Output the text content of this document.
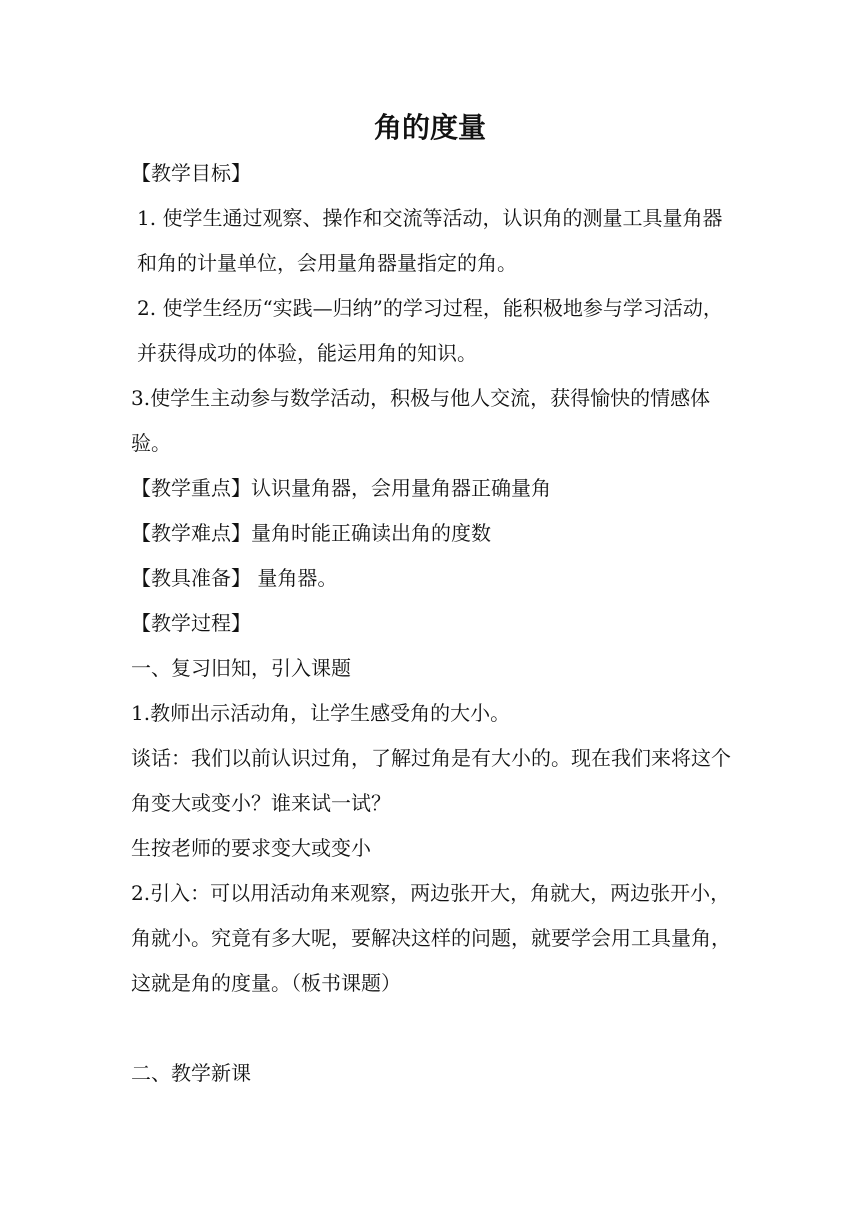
角的度量

【教学目标】

1. 使学生通过观察、操作和交流等活动，认识角的测量工具量角器和角的计量单位，会用量角器量指定的角。

2. 使学生经历“实践—归纳”的学习过程，能积极地参与学习活动，并获得成功的体验，能运用角的知识。

3.使学生主动参与数学活动，积极与他人交流，获得愉快的情感体验。

【教学重点】认识量角器，会用量角器正确量角

【教学难点】量角时能正确读出角的度数

【教具准备】 量角器。

【教学过程】

一、复习旧知，引入课题

1.教师出示活动角，让学生感受角的大小。

谈话：我们以前认识过角，了解过角是有大小的。现在我们来将这个角变大或变小？谁来试一试？

生按老师的要求变大或变小

2.引入：可以用活动角来观察，两边张开大，角就大，两边张开小，角就小。究竟有多大呢，要解决这样的问题，就要学会用工具量角，这就是角的度量。（板书课题）

二、教学新课
